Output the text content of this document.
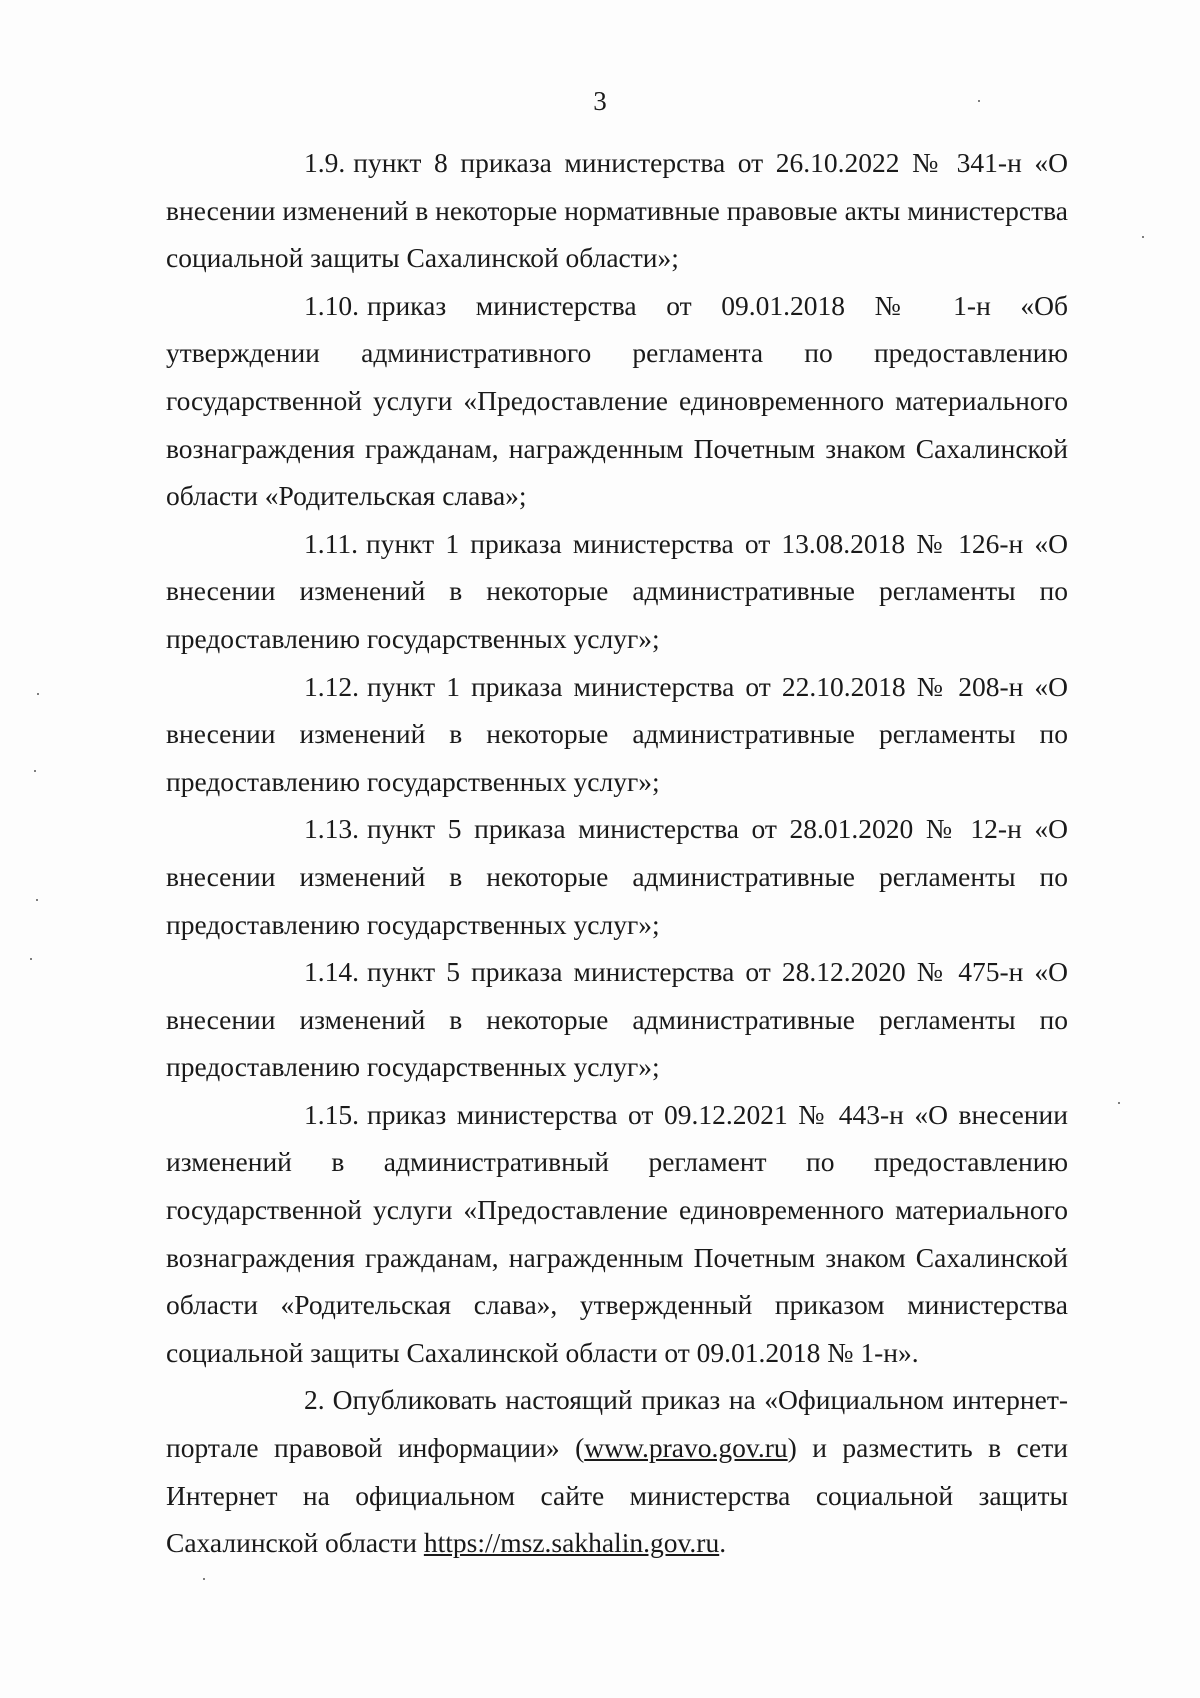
3

1.9. пункт 8 приказа министерства от 26.10.2022 № 341-н «О внесении изменений в некоторые нормативные правовые акты министерства социальной защиты Сахалинской области»;

1.10. приказ министерства от 09.01.2018 № 1-н «Об утверждении административного регламента по предоставлению государственной услуги «Предоставление единовременного материального вознаграждения гражданам, награжденным Почетным знаком Сахалинской области «Родительская слава»;

1.11. пункт 1 приказа министерства от 13.08.2018 № 126-н «О внесении изменений в некоторые административные регламенты по предоставлению государственных услуг»;

1.12. пункт 1 приказа министерства от 22.10.2018 № 208-н «О внесении изменений в некоторые административные регламенты по предоставлению государственных услуг»;

1.13. пункт 5 приказа министерства от 28.01.2020 № 12-н «О внесении изменений в некоторые административные регламенты по предоставлению государственных услуг»;

1.14. пункт 5 приказа министерства от 28.12.2020 № 475-н «О внесении изменений в некоторые административные регламенты по предоставлению государственных услуг»;

1.15. приказ министерства от 09.12.2021 № 443-н «О внесении изменений в административный регламент по предоставлению государственной услуги «Предоставление единовременного материального вознаграждения гражданам, награжденным Почетным знаком Сахалинской области «Родительская слава», утвержденный приказом министерства социальной защиты Сахалинской области от 09.01.2018 № 1-н».

2. Опубликовать настоящий приказ на «Официальном интернет-портале правовой информации» (www.pravo.gov.ru) и разместить в сети Интернет на официальном сайте министерства социальной защиты Сахалинской области https://msz.sakhalin.gov.ru.
